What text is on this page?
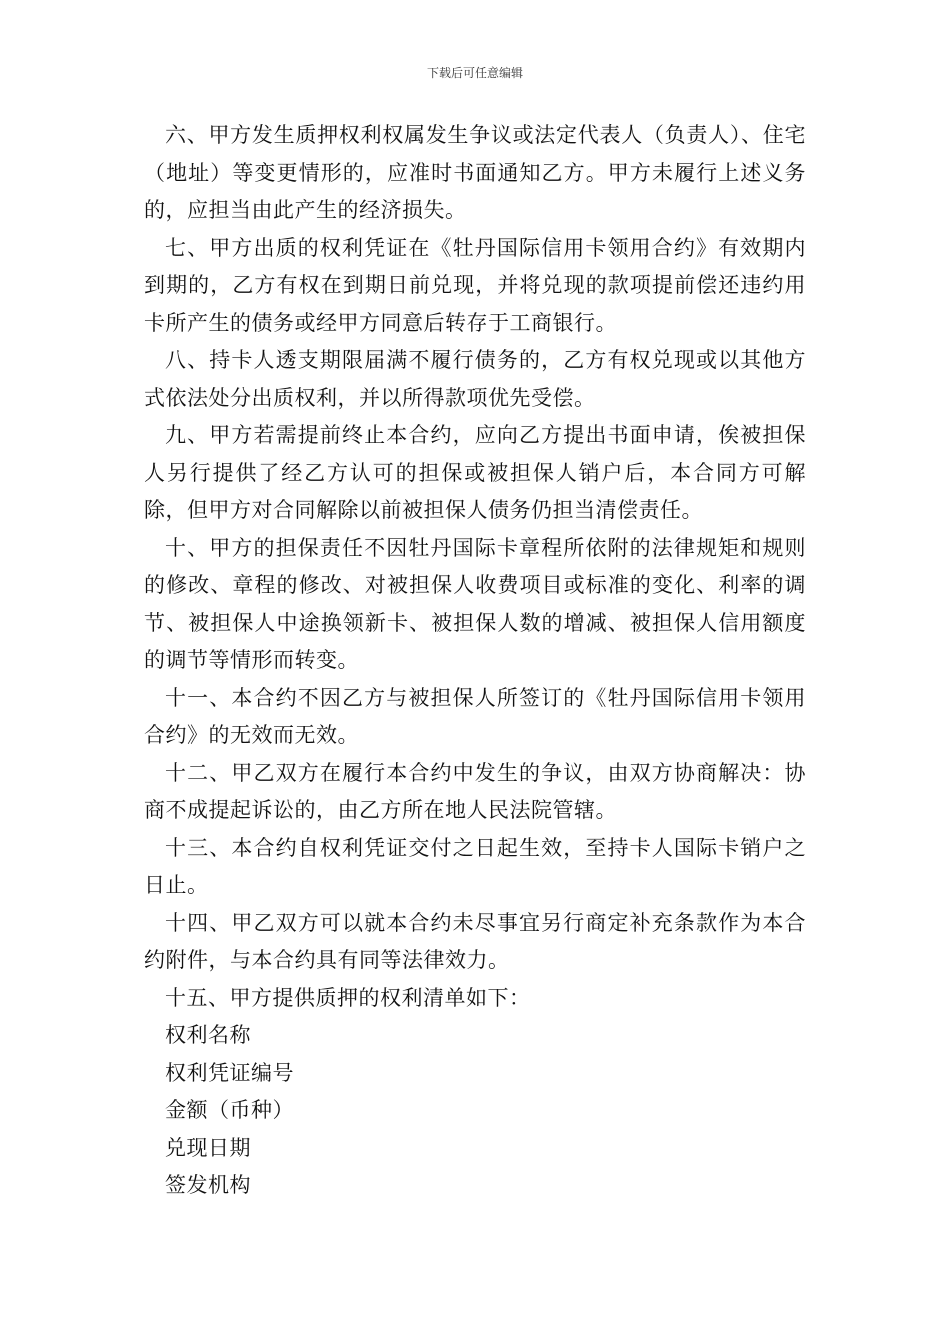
下载后可任意编辑

六、甲方发生质押权利权属发生争议或法定代表人（负责人）、住宅（地址）等变更情形的，应准时书面通知乙方。甲方未履行上述义务的，应担当由此产生的经济损失。

七、甲方出质的权利凭证在《牡丹国际信用卡领用合约》有效期内到期的，乙方有权在到期日前兑现，并将兑现的款项提前偿还违约用卡所产生的债务或经甲方同意后转存于工商银行。

八、持卡人透支期限届满不履行债务的，乙方有权兑现或以其他方式依法处分出质权利，并以所得款项优先受偿。

九、甲方若需提前终止本合约，应向乙方提出书面申请，俟被担保人另行提供了经乙方认可的担保或被担保人销户后，本合同方可解除，但甲方对合同解除以前被担保人债务仍担当清偿责任。

十、甲方的担保责任不因牡丹国际卡章程所依附的法律规矩和规则的修改、章程的修改、对被担保人收费项目或标准的变化、利率的调节、被担保人中途换领新卡、被担保人数的增减、被担保人信用额度的调节等情形而转变。

十一、本合约不因乙方与被担保人所签订的《牡丹国际信用卡领用合约》的无效而无效。

十二、甲乙双方在履行本合约中发生的争议，由双方协商解决：协商不成提起诉讼的，由乙方所在地人民法院管辖。

十三、本合约自权利凭证交付之日起生效，至持卡人国际卡销户之日止。

十四、甲乙双方可以就本合约未尽事宜另行商定补充条款作为本合约附件，与本合约具有同等法律效力。

十五、甲方提供质押的权利清单如下：

权利名称

权利凭证编号

金额（币种）

兑现日期

签发机构
